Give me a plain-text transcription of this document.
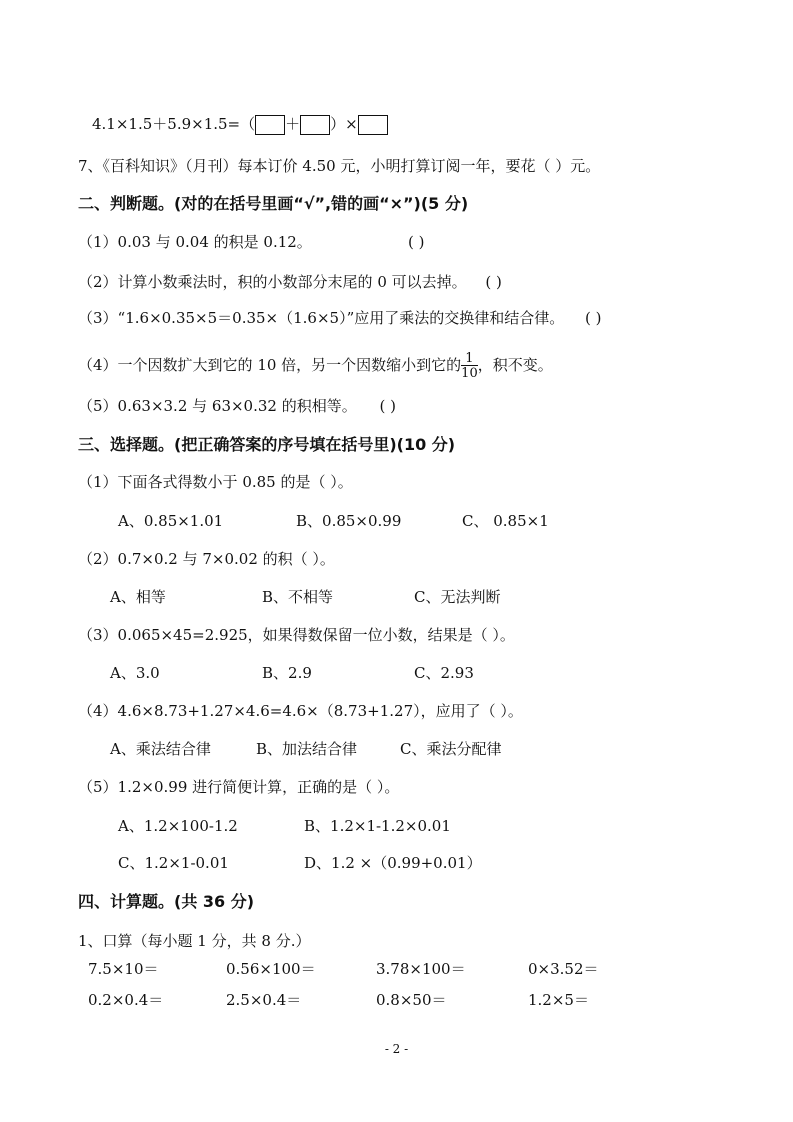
4.1×1.5＋5.9×1.5=（ ＋ ）×
7、《百科知识》（月刊）每本订价 4.50 元，小明打算订阅一年，要花（ ）元。
二、判断题。(对的在括号里画“√”,错的画“×”)(5 分)
（1）0.03 与 0.04 的积是 0.12。	( )
（2）计算小数乘法时，积的小数部分末尾的 0 可以去掉。 ( )
（3）“1.6×0.35×5＝0.35×（1.6×5）”应用了乘法的交换律和结合律。 ( )
（4）一个因数扩大到它的 10 倍，另一个因数缩小到它的 $\frac{1}{10}$ ，积不变。
（5）0.63×3.2 与 63×0.32 的积相等。 ( )
三、选择题。(把正确答案的序号填在括号里)(10 分)
（1）下面各式得数小于 0.85 的是（ ）。
A、0.85×1.01	B、0.85×0.99	C、 0.85×1
（2）0.7×0.2 与 7×0.02 的积（ ）。
A、相等	B、不相等	C、无法判断
（3）0.065×45=2.925，如果得数保留一位小数，结果是（ ）。
A、3.0	B、2.9	C、2.93
（4）4.6×8.73+1.27×4.6=4.6×（8.73+1.27），应用了（ ）。
A、乘法结合律	B、加法结合律	C、乘法分配律
（5）1.2×0.99 进行简便计算，正确的是（ ）。
A、1.2×100-1.2	B、1.2×1-1.2×0.01
C、1.2×1-0.01	D、1.2 ×（0.99+0.01）
四、计算题。(共 36 分)
1、口算（每小题 1 分，共 8 分.）
7.5×10＝	0.56×100＝	3.78×100＝	0×3.52＝
0.2×0.4＝	2.5×0.4＝	0.8×50＝	1.2×5＝
- 2 -
